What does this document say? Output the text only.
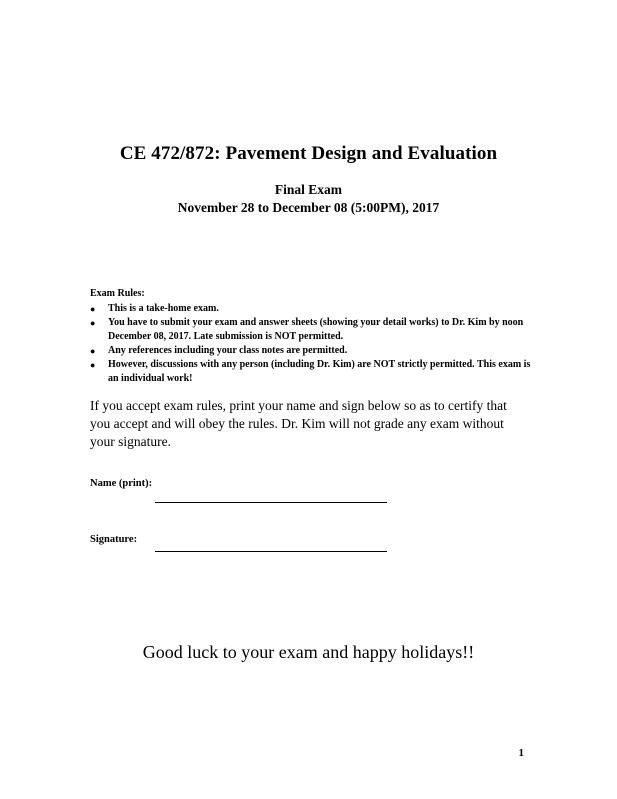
CE 472/872: Pavement Design and Evaluation
Final Exam
November 28 to December 08 (5:00PM), 2017
Exam Rules:
● This is a take-home exam.
● You have to submit your exam and answer sheets (showing your detail works) to Dr. Kim by noon December 08, 2017. Late submission is NOT permitted.
● Any references including your class notes are permitted.
● However, discussions with any person (including Dr. Kim) are NOT strictly permitted. This exam is an individual work!
If you accept exam rules, print your name and sign below so as to certify that you accept and will obey the rules. Dr. Kim will not grade any exam without your signature.
Name (print):
Signature:
Good luck to your exam and happy holidays!!
1
